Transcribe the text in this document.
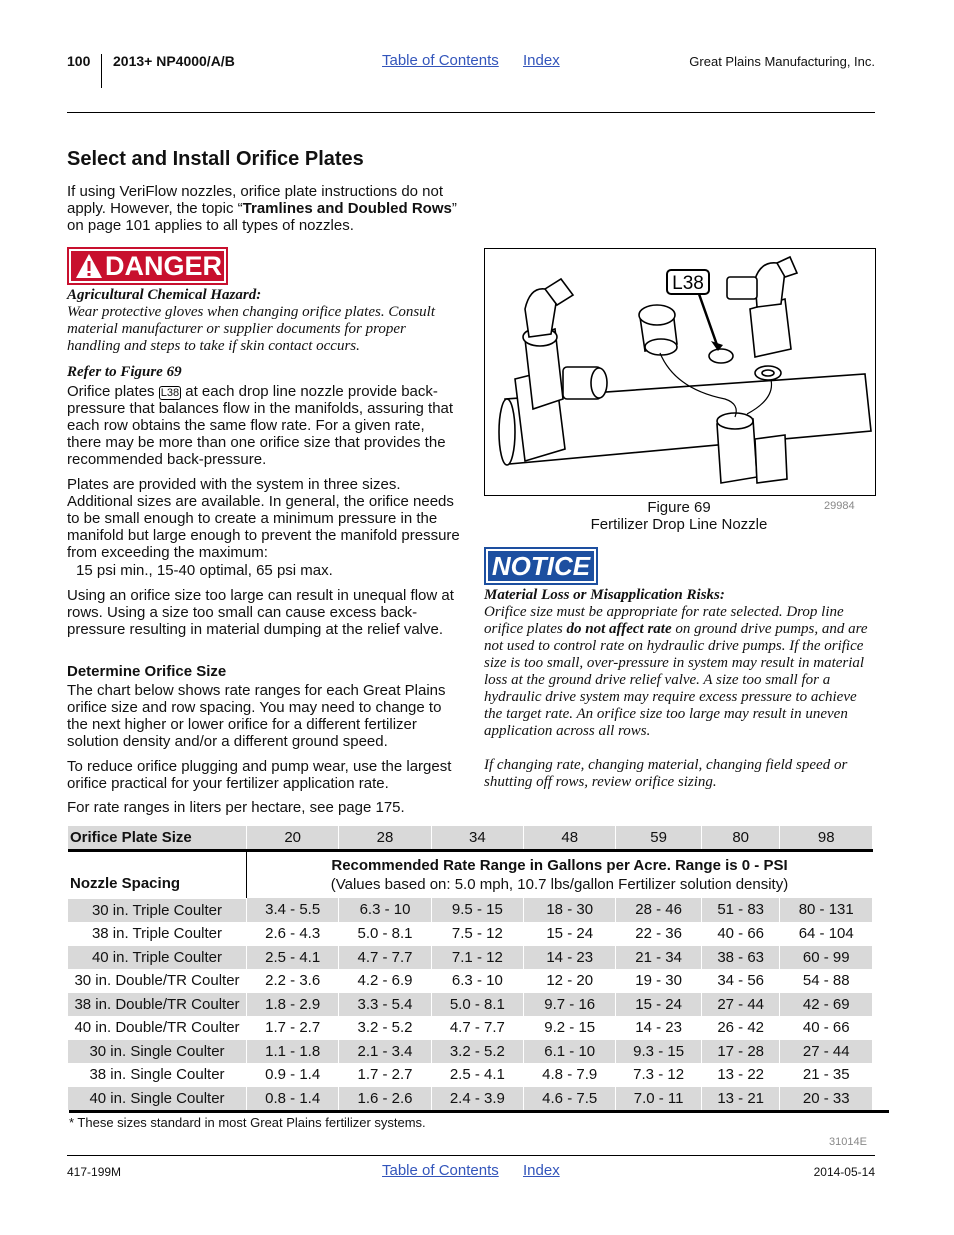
100 2013+ NP4000/A/B	Table of Contents Index	Great Plains Manufacturing, Inc.
Select and Install Orifice Plates
If using VeriFlow nozzles, orifice plate instructions do not apply. However, the topic “Tramlines and Doubled Rows” on page 101 applies to all types of nozzles.
DANGER
Agricultural Chemical Hazard:
Wear protective gloves when changing orifice plates. Consult material manufacturer or supplier documents for proper handling and steps to take if skin contact occurs.
Refer to Figure 69
Orifice plates L38 at each drop line nozzle provide back-pressure that balances flow in the manifolds, assuring that each row obtains the same flow rate. For a given rate, there may be more than one orifice size that provides the recommended back-pressure.
Plates are provided with the system in three sizes. Additional sizes are available. In general, the orifice needs to be small enough to create a minimum pressure in the manifold but large enough to prevent the manifold pressure from exceeding the maximum:
15 psi min., 15-40 optimal, 65 psi max.
Using an orifice size too large can result in unequal flow at rows. Using a size too small can cause excess back-pressure resulting in material dumping at the relief valve.
Determine Orifice Size
The chart below shows rate ranges for each Great Plains orifice size and row spacing. You may need to change to the next higher or lower orifice for a different fertilizer solution density and/or a different ground speed.
To reduce orifice plugging and pump wear, use the largest orifice practical for your fertilizer application rate.
For rate ranges in liters per hectare, see page 175.
L38
Figure 69
Fertilizer Drop Line Nozzle
29984
NOTICE
Material Loss or Misapplication Risks:
Orifice size must be appropriate for rate selected. Drop line orifice plates do not affect rate on ground drive pumps, and are not used to control rate on hydraulic drive pumps. If the orifice size is too small, over-pressure in system may result in material loss at the ground drive relief valve. A size too small for a hydraulic drive system may require excess pressure to achieve the target rate. An orifice size too large may result in uneven application across all rows.
If changing rate, changing material, changing field speed or shutting off rows, review orifice sizing.
Orifice Plate Size	20	28	34	48	59	80	98
Nozzle Spacing	Recommended Rate Range in Gallons per Acre. Range is 0 - PSI
(Values based on: 5.0 mph, 10.7 lbs/gallon Fertilizer solution density)						

30 in. Triple Coulter	3.4 - 5.5	6.3 - 10	9.5 - 15	18 - 30	28 - 46	51 - 83	80 - 131
38 in. Triple Coulter	2.6 - 4.3	5.0 - 8.1	7.5 - 12	15 - 24	22 - 36	40 - 66	64 - 104
40 in. Triple Coulter	2.5 - 4.1	4.7 - 7.7	7.1 - 12	14 - 23	21 - 34	38 - 63	60 - 99
30 in. Double/TR Coulter	2.2 - 3.6	4.2 - 6.9	6.3 - 10	12 - 20	19 - 30	34 - 56	54 - 88
38 in. Double/TR Coulter	1.8 - 2.9	3.3 - 5.4	5.0 - 8.1	9.7 - 16	15 - 24	27 - 44	42 - 69
40 in. Double/TR Coulter	1.7 - 2.7	3.2 - 5.2	4.7 - 7.7	9.2 - 15	14 - 23	26 - 42	40 - 66
30 in. Single Coulter	1.1 - 1.8	2.1 - 3.4	3.2 - 5.2	6.1 - 10	9.3 - 15	17 - 28	27 - 44
38 in. Single Coulter	0.9 - 1.4	1.7 - 2.7	2.5 - 4.1	4.8 - 7.9	7.3 - 12	13 - 22	21 - 35
40 in. Single Coulter	0.8 - 1.4	1.6 - 2.6	2.4 - 3.9	4.6 - 7.5	7.0 - 11	13 - 21	20 - 33
* These sizes standard in most Great Plains fertilizer systems.
31014E
417-199M	Table of Contents Index	2014-05-14
